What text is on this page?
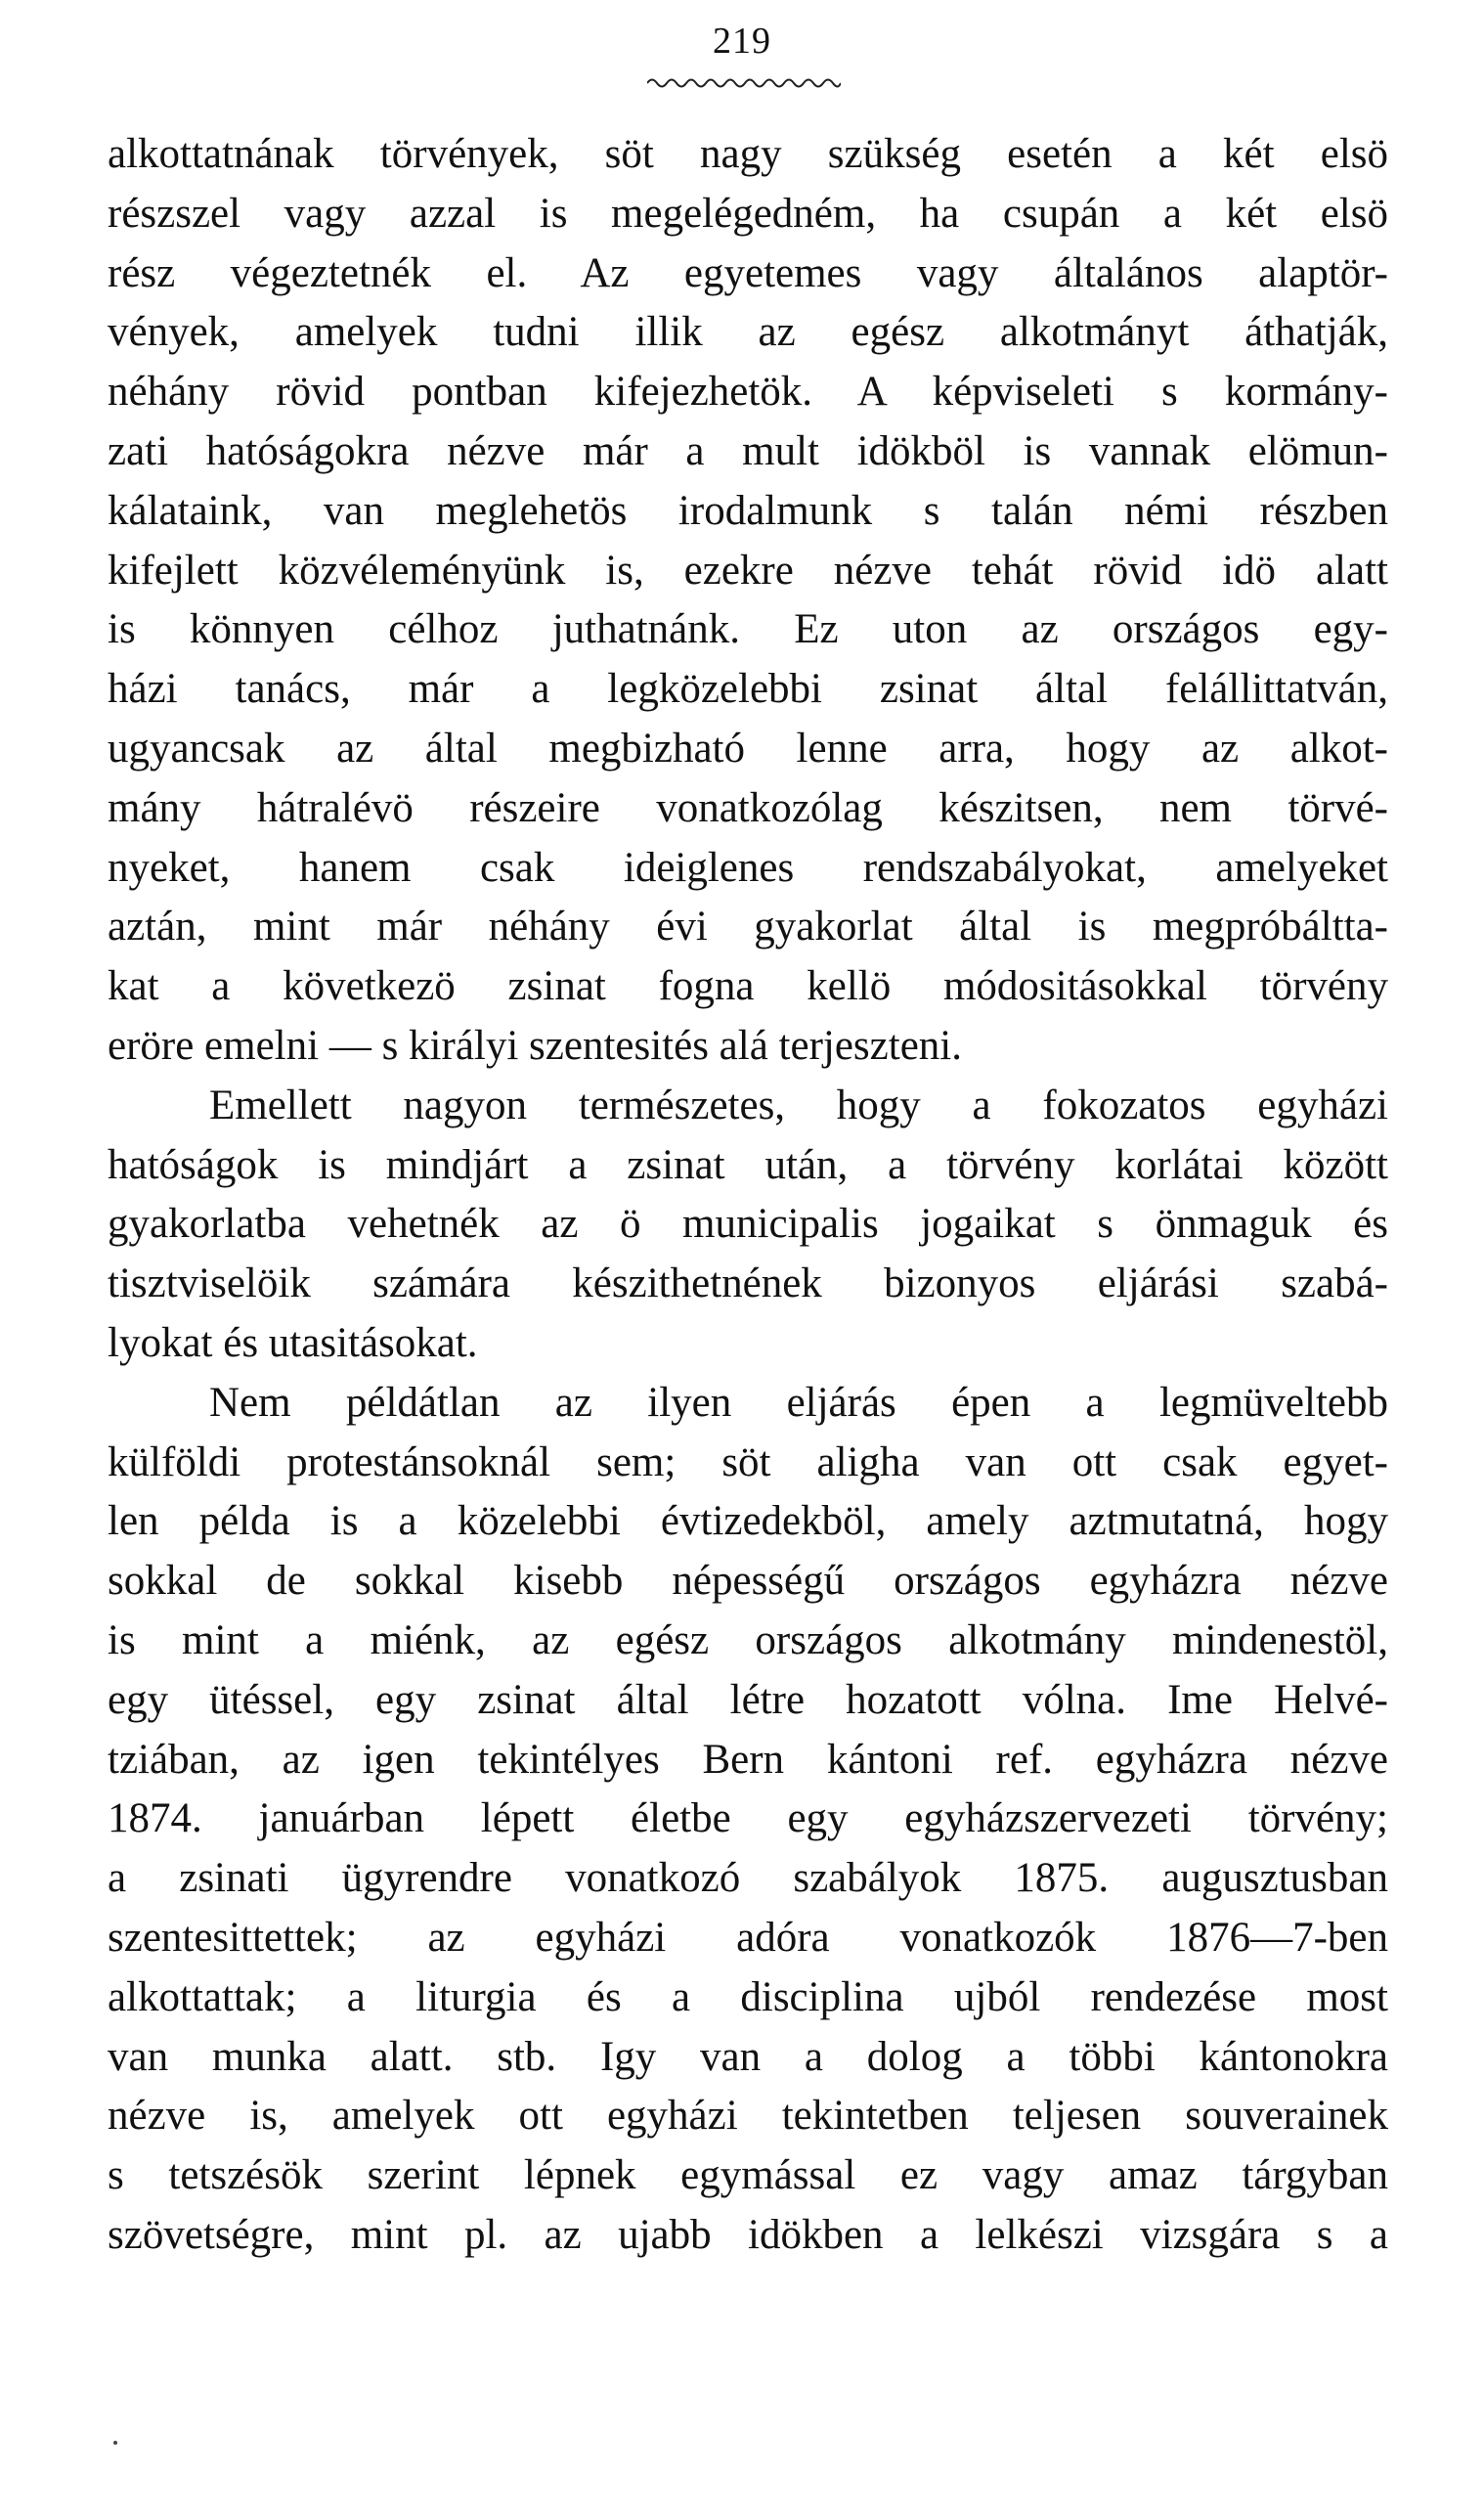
219
alkottatnának törvények, söt nagy szükség esetén a két elsö
részszel vagy azzal is megelégedném, ha csupán a két elsö
rész végeztetnék el. Az egyetemes vagy általános alaptör-
vények, amelyek tudni illik az egész alkotmányt áthatják,
néhány rövid pontban kifejezhetök. A képviseleti s kormány-
zati hatóságokra nézve már a mult idökböl is vannak elömun-
kálataink, van meglehetös irodalmunk s talán némi részben
kifejlett közvéleményünk is, ezekre nézve tehát rövid idö alatt
is könnyen célhoz juthatnánk. Ez uton az országos egy-
házi tanács, már a legközelebbi zsinat által felállittatván,
ugyancsak az által megbizható lenne arra, hogy az alkot-
mány hátralévö részeire vonatkozólag készitsen, nem törvé-
nyeket, hanem csak ideiglenes rendszabályokat, amelyeket
aztán, mint már néhány évi gyakorlat által is megpróbáltta-
kat a következö zsinat fogna kellö módositásokkal törvény
eröre emelni — s királyi szentesités alá terjeszteni.
Emellett nagyon természetes, hogy a fokozatos egyházi
hatóságok is mindjárt a zsinat után, a törvény korlátai között
gyakorlatba vehetnék az ö municipalis jogaikat s önmaguk és
tisztviselöik számára készithetnének bizonyos eljárási szabá-
lyokat és utasitásokat.
Nem példátlan az ilyen eljárás épen a legmüveltebb
külföldi protestánsoknál sem; söt aligha van ott csak egyet-
len példa is a közelebbi évtizedekböl, amely aztmutatná, hogy
sokkal de sokkal kisebb népességű országos egyházra nézve
is mint a miénk, az egész országos alkotmány mindenestöl,
egy ütéssel, egy zsinat által létre hozatott vólna. Ime Helvé-
tziában, az igen tekintélyes Bern kántoni ref. egyházra nézve
1874. januárban lépett életbe egy egyházszervezeti törvény;
a zsinati ügyrendre vonatkozó szabályok 1875. augusztusban
szentesittettek; az egyházi adóra vonatkozók 1876—7-ben
alkottattak; a liturgia és a disciplina ujból rendezése most
van munka alatt. stb. Igy van a dolog a többi kántonokra
nézve is, amelyek ott egyházi tekintetben teljesen souverainek
s tetszésök szerint lépnek egymással ez vagy amaz tárgyban
szövetségre, mint pl. az ujabb idökben a lelkészi vizsgára s a
